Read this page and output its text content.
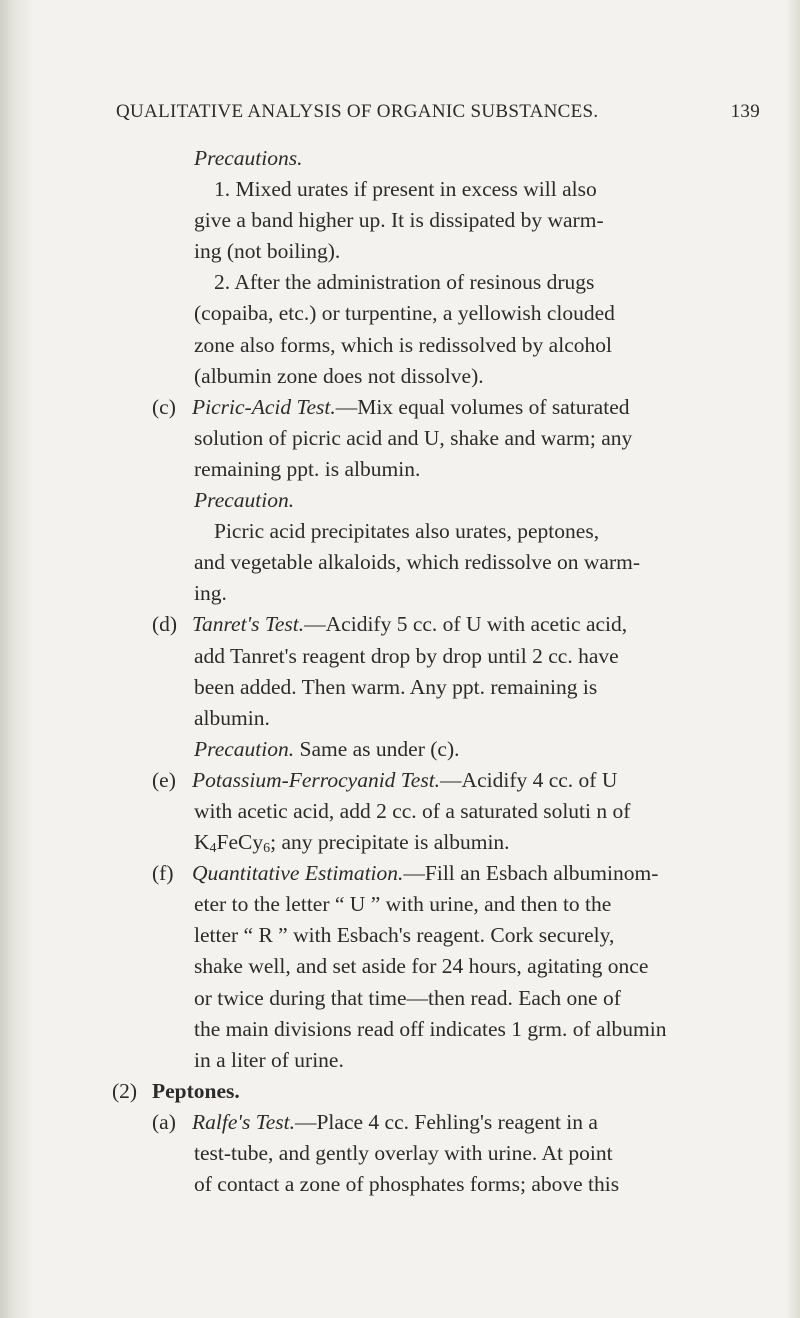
QUALITATIVE ANALYSIS OF ORGANIC SUBSTANCES.	139
Precautions.
1. Mixed urates if present in excess will also
give a band higher up. It is dissipated by warm-
ing (not boiling).
2. After the administration of resinous drugs
(copaiba, etc.) or turpentine, a yellowish clouded
zone also forms, which is redissolved by alcohol
(albumin zone does not dissolve).
(c) Picric-Acid Test.—Mix equal volumes of saturated
solution of picric acid and U, shake and warm; any
remaining ppt. is albumin.
Precaution.
Picric acid precipitates also urates, peptones,
and vegetable alkaloids, which redissolve on warm-
ing.
(d) Tanret's Test.—Acidify 5 cc. of U with acetic acid,
add Tanret's reagent drop by drop until 2 cc. have
been added. Then warm. Any ppt. remaining is
albumin.
Precaution. Same as under (c).
(e) Potassium-Ferrocyanid Test.—Acidify 4 cc. of U
with acetic acid, add 2 cc. of a saturated soluti n of
$K_4FeCy_6$; any precipitate is albumin.
(f) Quantitative Estimation.—Fill an Esbach albuminom-
eter to the letter “ U ” with urine, and then to the
letter “ R ” with Esbach's reagent. Cork securely,
shake well, and set aside for 24 hours, agitating once
or twice during that time—then read. Each one of
the main divisions read off indicates 1 grm. of albumin
in a liter of urine.
(2) Peptones.
(a) Ralfe's Test.—Place 4 cc. Fehling's reagent in a
test-tube, and gently overlay with urine. At point
of contact a zone of phosphates forms; above this
